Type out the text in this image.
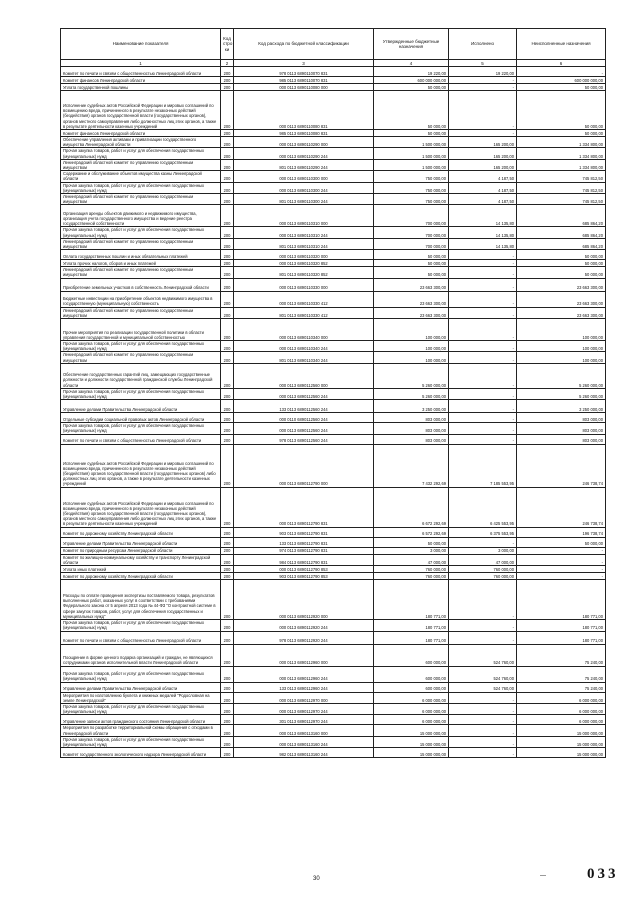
Наименование показателя	Код стро ки	Код расхода по бюджетной классификации	Утвержденные бюджетные назначения	Исполнено	Неисполненные назначения
1	2	3	4	5	6
Комитет по печати и связям с общественностью Ленинградской области	200	978 0113 6890110070 831	19 220,00	19 220,00	-
Комитет финансов Ленинградской области	200	985 0113 6890110070 831	600 000 000,00	-	600 000 000,00
Уплата государственной пошлины	200	000 0113 6890110080 000	50 000,00	-	50 000,00
Исполнение судебных актов Российской Федерации и мировых соглашений по возмещению вреда, причиненного в результате незаконных действий (бездействия) органов государственной власти (государственных органов), органов местного самоуправления либо должностных лиц этих органов, а также в результате деятельности казенных учреждений	200	000 0113 6890110080 831	50 000,00	-	50 000,00
Комитет финансов Ленинградской области	200	985 0113 6890110080 831	50 000,00	-	50 000,00
Обеспечение управления активами и приватизации государственного имущества Ленинградской области	200	000 0113 6890110290 000	1 500 000,00	165 200,00	1 334 800,00
Прочая закупка товаров, работ и услуг для обеспечения государственных (муниципальных) нужд	200	000 0113 6890110290 244	1 500 000,00	165 200,00	1 334 800,00
Ленинградский областной комитет по управлению государственным имуществом	200	801 0113 6890110290 244	1 500 000,00	165 200,00	1 334 800,00
Содержание и обслуживание объектов имущества казны Ленинградской области	200	000 0113 6890110300 000	750 000,00	4 187,50	745 812,50
Прочая закупка товаров, работ и услуг для обеспечения государственных (муниципальных) нужд	200	000 0113 6890110300 244	750 000,00	4 187,50	745 812,50
Ленинградский областной комитет по управлению государственным имуществом	200	801 0113 6890110300 244	750 000,00	4 187,50	745 812,50
Организация аренды объектов движимого и недвижимого имущества, организация учета государственного имущества и ведение реестра государственной собственности	200	000 0113 6890110310 000	700 000,00	14 135,80	685 864,20
Прочая закупка товаров, работ и услуг для обеспечения государственных (муниципальных) нужд	200	000 0113 6890110310 244	700 000,00	14 135,80	685 864,20
Ленинградский областной комитет по управлению государственным имуществом	200	801 0113 6890110310 244	700 000,00	14 135,80	685 864,20
Оплата государственных пошлин и иных обязательных платежей	200	000 0113 6890110320 000	50 000,00	-	50 000,00
Уплата прочих налогов, сборов и иных платежей	200	000 0113 6890110320 852	50 000,00	-	50 000,00
Ленинградский областной комитет по управлению государственным имуществом	200	801 0113 6890110320 852	50 000,00	-	50 000,00
Приобретение земельных участков в собственность Ленинградской области	200	000 0113 6890110330 000	23 663 300,00	-	23 663 300,00
Бюджетные инвестиции на приобретение объектов недвижимого имущества в государственную (муниципальную) собственность	200	000 0113 6890110330 412	23 663 300,00	-	23 663 300,00
Ленинградский областной комитет по управлению государственным имуществом	200	801 0113 6890110330 412	23 663 300,00	-	23 663 300,00
Прочие мероприятия по реализации государственной политики в области управления государственной и муниципальной собственностью	200	000 0113 6890110340 000	100 000,00	-	100 000,00
Прочая закупка товаров, работ и услуг для обеспечения государственных (муниципальных) нужд	200	000 0113 6890110340 244	100 000,00	-	100 000,00
Ленинградский областной комитет по управлению государственным имуществом	200	801 0113 6890110340 244	100 000,00	-	100 000,00
Обеспечение государственных гарантий лиц, замещающих государственные должности и должности государственной гражданской службы Ленинградской области	200	000 0113 6890112560 000	5 260 000,00	-	5 260 000,00
Прочая закупка товаров, работ и услуг для обеспечения государственных (муниципальных) нужд	200	000 0113 6890112560 244	5 260 000,00	-	5 260 000,00
Управление делами Правительства Ленинградской области	200	133 0113 6890112560 244	3 250 000,00	-	3 250 000,00
Отдельные субсидии социальной правовых актов Ленинградской области	200	000 0110 6890112560 244	803 000,00	-	803 000,00
Прочая закупка товаров, работ и услуг для обеспечения государственных (муниципальных) нужд	200	000 0113 6890112560 244	803 000,00	-	803 000,00
Комитет по печати и связям с общественностью Ленинградской области	200	978 0113 6890112560 244	803 000,00	-	803 000,00
Исполнение судебных актов Российской Федерации и мировых соглашений по возмещению вреда, причиненного в результате незаконных действий (бездействия) органов государственной власти (государственных органов) либо должностных лиц этих органов, а также в результате деятельности казенных учреждений	200	000 0113 6890112790 000	7 432 292,69	7 185 553,95	246 738,74
Исполнение судебных актов Российской Федерации и мировых соглашений по возмещению вреда, причиненного в результате незаконных действий (бездействия) органов государственной власти (государственных органов), органов местного самоуправления либо должностных лиц этих органов, а также в результате деятельности казенных учреждений	200	000 0113 6890112790 831	6 672 292,69	6 425 553,95	246 738,74
Комитет по дорожному хозяйству Ленинградской области	200	903 0113 6890112790 831	6 572 292,69	6 375 553,95	196 738,74
Управление делами Правительства Ленинградской области	200	133 0113 6890112790 831	50 000,00	-	50 000,00
Комитет по природным ресурсам Ленинградской области	200	974 0113 6890112790 831	3 000,00	3 000,00	-
Комитет по жилищно-коммунальному хозяйству и транспорту Ленинградской области	200	984 0113 6890112790 831	47 000,00	47 000,00	-
Уплата иных платежей	200	000 0113 6890112790 853	760 000,00	760 000,00	-
Комитет по дорожному хозяйству Ленинградской области	200	903 0113 6890112790 853	760 000,00	760 000,00	-
Расходы по оплате проведения экспертизы поставляемого товара, результатов выполненных работ, оказанных услуг в соответствии с требованиями Федерального закона от 5 апреля 2013 года № 44-ФЗ "О контрактной системе в сфере закупок товаров, работ, услуг для обеспечения государственных и муниципальных нужд"	200	000 0113 6890112920 000	180 771,00	-	180 771,00
Прочая закупка товаров, работ и услуг для обеспечения государственных (муниципальных) нужд	200	000 0113 6890112920 244	180 771,00	-	180 771,00
Комитет по печати и связям с общественностью Ленинградской области	200	978 0113 6890112920 244	180 771,00	-	180 771,00
Поощрение в форме ценного подарка организаций и граждан, не являющихся сотрудниками органов исполнительной власти Ленинградской области	200	000 0113 6890112960 000	600 000,00	524 760,00	75 240,00
Прочая закупка товаров, работ и услуг для обеспечения государственных (муниципальных) нужд	200	000 0113 6890112960 244	600 000,00	524 760,00	75 240,00
Управление делами Правительства Ленинградской области	200	133 0113 6890112960 244	600 000,00	524 760,00	75 240,00
Мероприятия по изготовлению буклета и книжных медалей "Родословная на земле Ленинградской"	200	000 0113 6890112970 000	6 000 000,00	-	6 000 000,00
Прочая закупка товаров, работ и услуг для обеспечения государственных (муниципальных) нужд	200	000 0113 6890112970 244	6 000 000,00	-	6 000 000,00
Управление записи актов гражданского состояния Ленинградской области	200	301 0113 6890112970 244	6 000 000,00	-	6 000 000,00
Мероприятия по разработке территориальной схемы обращения с отходами в Ленинградской области	200	000 0113 6890113160 000	15 000 000,00	-	15 000 000,00
Прочая закупка товаров, работ и услуг для обеспечения государственных (муниципальных) нужд	200	000 0113 6890113160 244	15 000 000,00	-	15 000 000,00
Комитет государственного экологического надзора Ленинградской области	200	982 0113 6890113160 244	15 000 000,00	-	15 000 000,00
30	—	033
